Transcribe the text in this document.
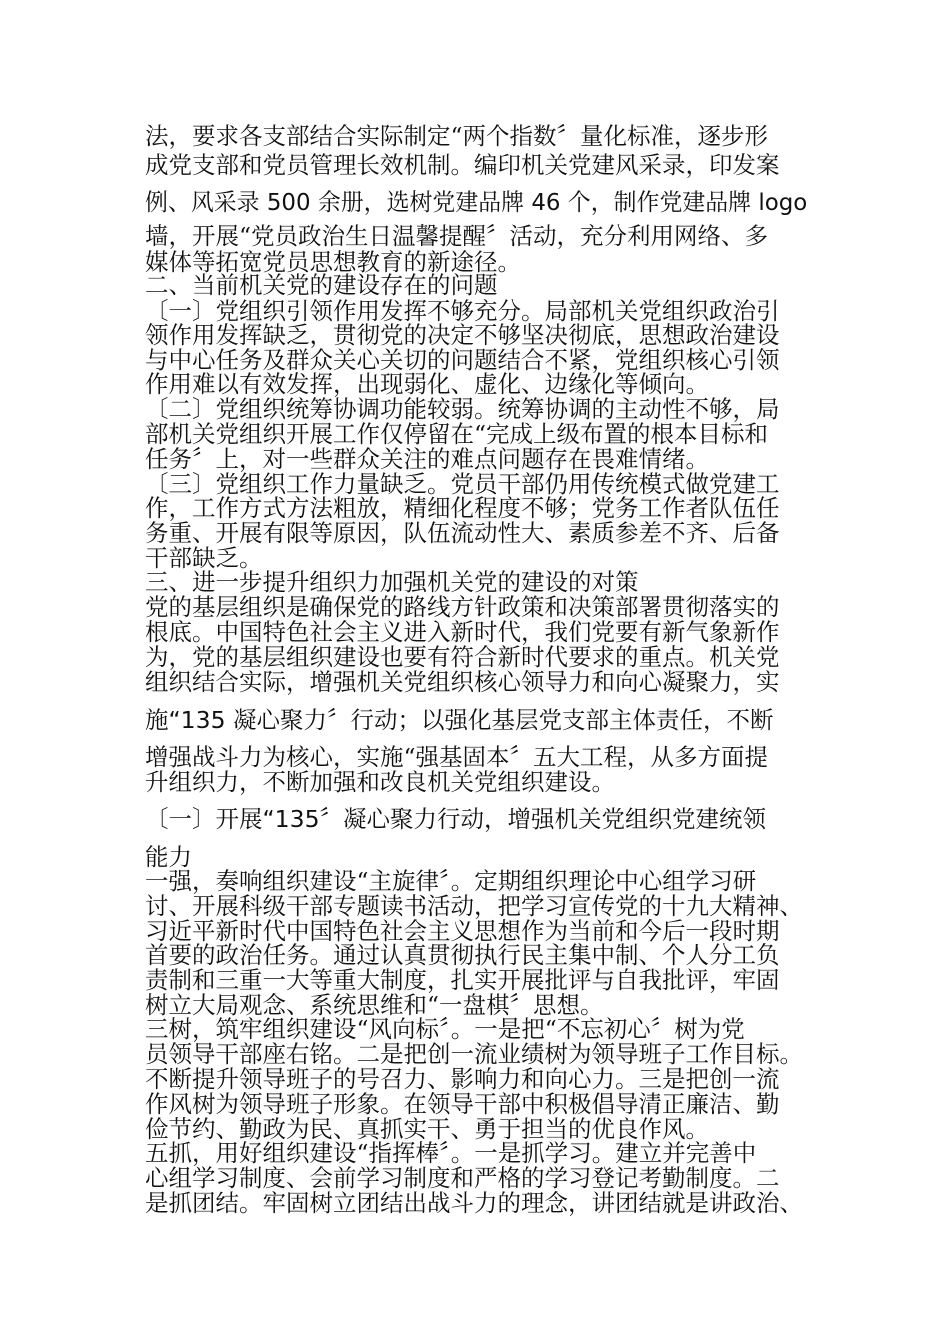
法，要求各支部结合实际制定“两个指数〞量化标准，逐步形
成党支部和党员管理长效机制。编印机关党建风采录，印发案
例、风采录 500 余册，选树党建品牌 46 个，制作党建品牌 logo
墙，开展“党员政治生日温馨提醒〞活动，充分利用网络、多
媒体等拓宽党员思想教育的新途径。
二、当前机关党的建设存在的问题
〔一〕党组织引领作用发挥不够充分。局部机关党组织政治引
领作用发挥缺乏，贯彻党的决定不够坚决彻底，思想政治建设
与中心任务及群众关心关切的问题结合不紧，党组织核心引领
作用难以有效发挥，出现弱化、虚化、边缘化等倾向。
〔二〕党组织统筹协调功能较弱。统筹协调的主动性不够，局
部机关党组织开展工作仅停留在“完成上级布置的根本目标和
任务〞上，对一些群众关注的难点问题存在畏难情绪。
〔三〕党组织工作力量缺乏。党员干部仍用传统模式做党建工
作，工作方式方法粗放，精细化程度不够；党务工作者队伍任
务重、开展有限等原因，队伍流动性大、素质参差不齐、后备
干部缺乏。
三、进一步提升组织力加强机关党的建设的对策
党的基层组织是确保党的路线方针政策和决策部署贯彻落实的
根底。中国特色社会主义进入新时代，我们党要有新气象新作
为，党的基层组织建设也要有符合新时代要求的重点。机关党
组织结合实际，增强机关党组织核心领导力和向心凝聚力，实
施“135 凝心聚力〞行动；以强化基层党支部主体责任，不断
增强战斗力为核心，实施“强基固本〞五大工程，从多方面提
升组织力，不断加强和改良机关党组织建设。
〔一〕开展“135〞凝心聚力行动，增强机关党组织党建统领
能力
一强，奏响组织建设“主旋律〞。定期组织理论中心组学习研
讨、开展科级干部专题读书活动，把学习宣传党的十九大精神、
习近平新时代中国特色社会主义思想作为当前和今后一段时期
首要的政治任务。通过认真贯彻执行民主集中制、个人分工负
责制和三重一大等重大制度，扎实开展批评与自我批评，牢固
树立大局观念、系统思维和“一盘棋〞思想。
三树，筑牢组织建设“风向标〞。一是把“不忘初心〞树为党
员领导干部座右铭。二是把创一流业绩树为领导班子工作目标。
不断提升领导班子的号召力、影响力和向心力。三是把创一流
作风树为领导班子形象。在领导干部中积极倡导清正廉洁、勤
俭节约、勤政为民、真抓实干、勇于担当的优良作风。
五抓，用好组织建设“指挥棒〞。一是抓学习。建立并完善中
心组学习制度、会前学习制度和严格的学习登记考勤制度。二
是抓团结。牢固树立团结出战斗力的理念，讲团结就是讲政治、
